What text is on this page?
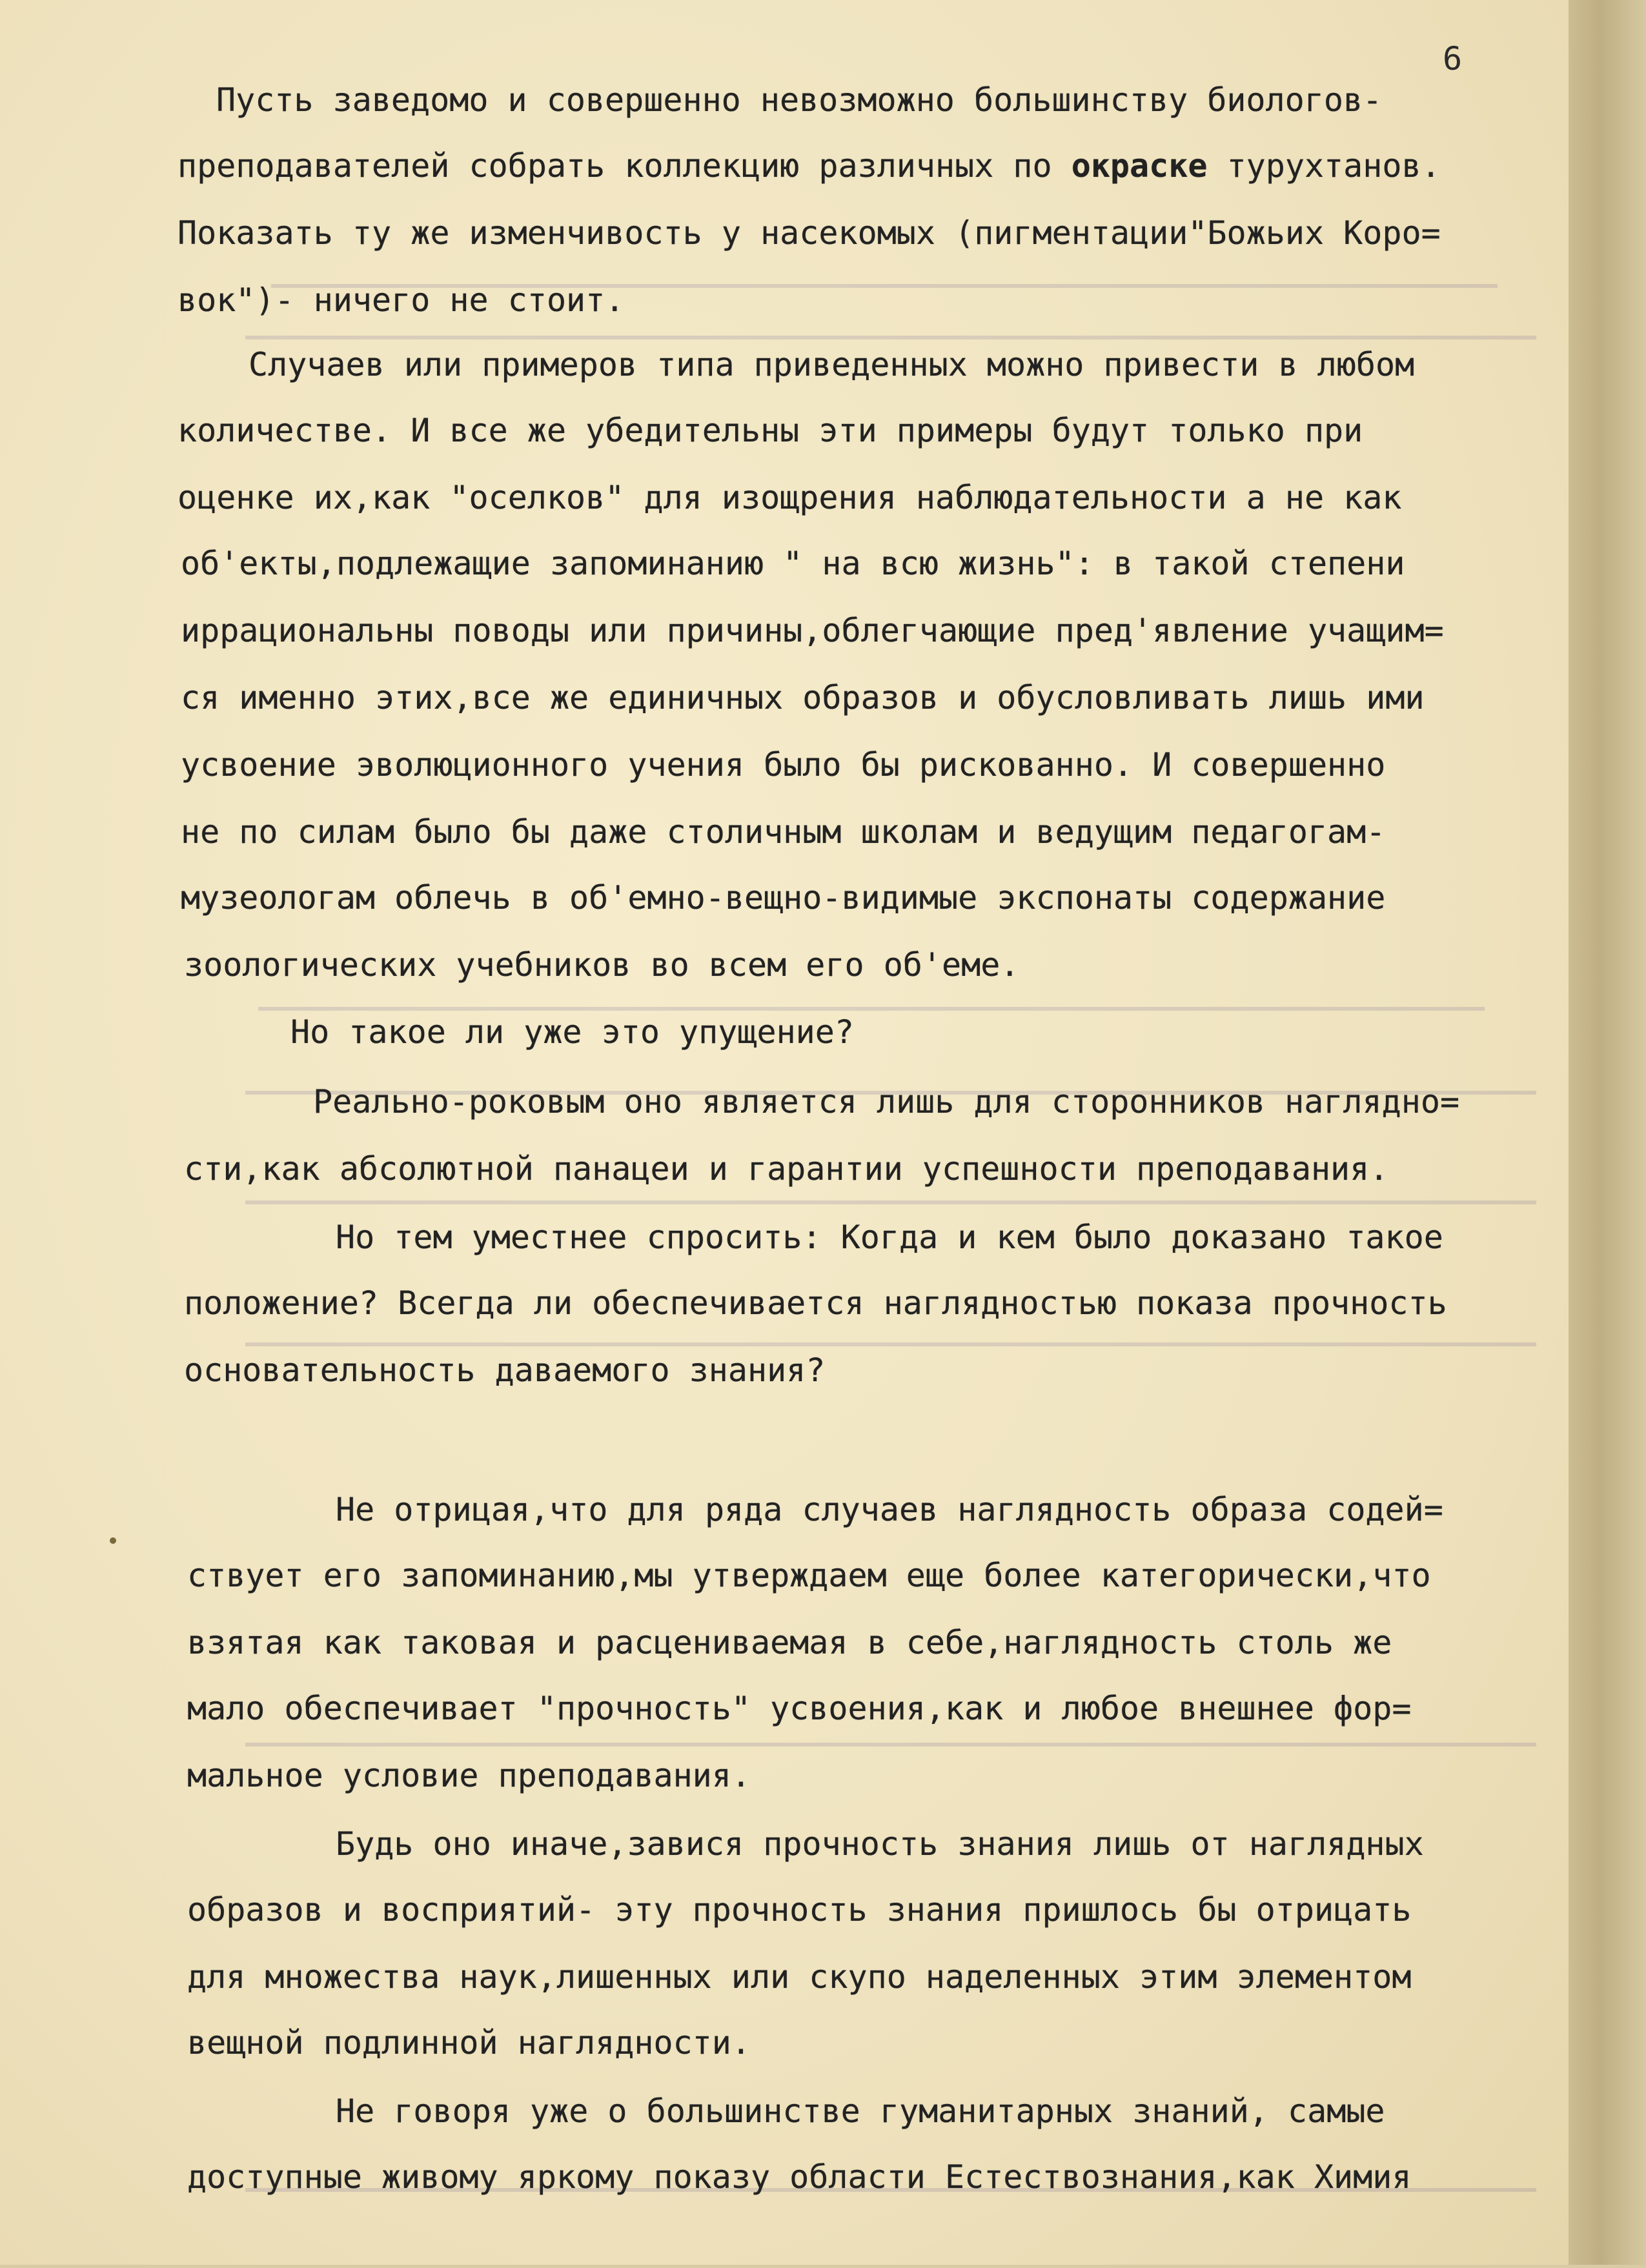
6
Пусть заведомо и совершенно невозможно большинству биологов-
преподавателей собрать коллекцию различных по окраске турухтанов.
Показать ту же изменчивость у насекомых (пигментации"Божьих Коро=
вок")- ничего не стоит.
Случаев или примеров типа приведенных можно привести в любом
количестве. И все же убедительны эти примеры будут только при
оценке их,как "оселков" для изощрения наблюдательности а не как
об'екты,подлежащие запоминанию " на всю жизнь": в такой степени
иррациональны поводы или причины,облегчающие пред'явление учащим=
ся именно этих,все же единичных образов и обусловливать лишь ими
усвоение эволюционного учения было бы рискованно. И совершенно
не по силам было бы даже столичным школам и ведущим педагогам-
музеологам облечь в об'емно-вещно-видимые экспонаты содержание
зоологических учебников во всем его об'еме.
Но такое ли уже это упущение?
Реально-роковым оно является лишь для сторонников наглядно=
сти,как абсолютной панацеи и гарантии успешности преподавания.
Но тем уместнее спросить: Когда и кем было доказано такое
положение? Всегда ли обеспечивается наглядностью показа прочность
основательность даваемого знания?
Не отрицая,что для ряда случаев наглядность образа содей=
ствует его запоминанию,мы утверждаем еще более категорически,что
взятая как таковая и расцениваемая в себе,наглядность столь же
мало обеспечивает "прочность" усвоения,как и любое внешнее фор=
мальное условие преподавания.
Будь оно иначе,завися прочность знания лишь от наглядных
образов и восприятий- эту прочность знания пришлось бы отрицать
для множества наук,лишенных или скупо наделенных этим элементом
вещной подлинной наглядности.
Не говоря уже о большинстве гуманитарных знаний, самые
доступные живому яркому показу области Естествознания,как Химия
